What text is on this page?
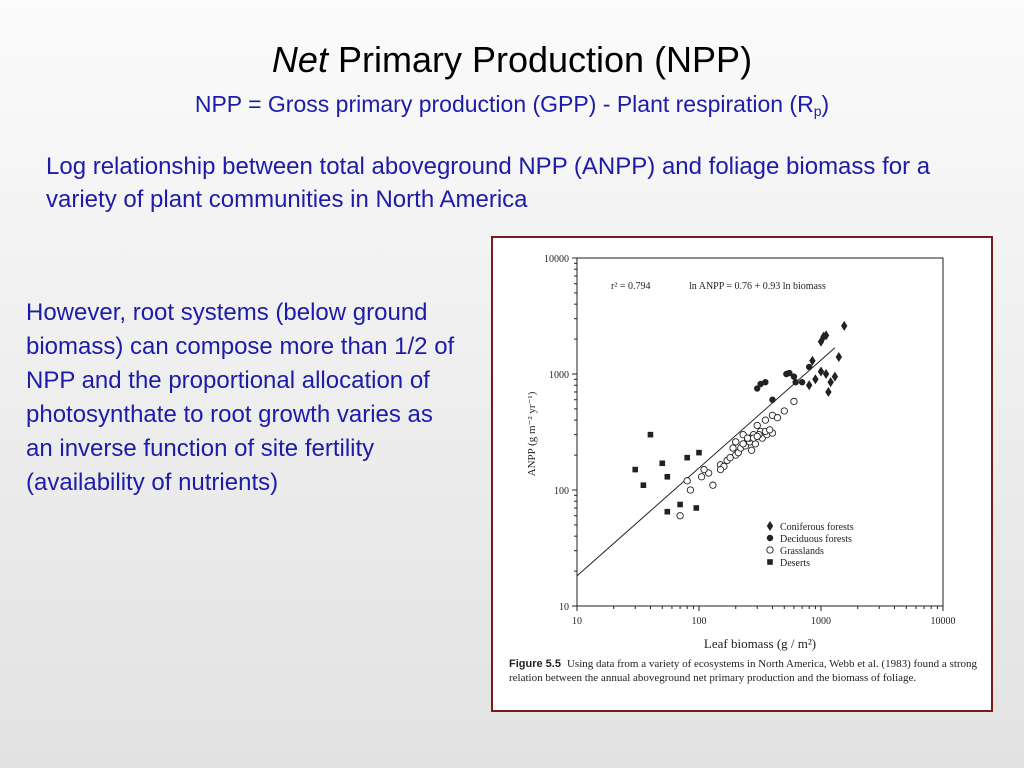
Net Primary Production (NPP)
NPP = Gross primary production (GPP) - Plant respiration $(R_p)$

Log relationship between total aboveground NPP (ANPP) and foliage biomass for a variety of plant communities in North America

However, root systems (below ground biomass) can compose more than 1/2 of NPP and the proportional allocation of photosynthate to root growth varies as an inverse function of site fertility (availability of nutrients)

10	100	1000	10000
10
100
1000
10000
r² = 0.794	ln ANPP = 0.76 + 0.93 ln biomass
Leaf biomass (g / m²)
ANPP (g m⁻² yr⁻¹)
Coniferous forests
Deciduous forests
Grasslands
Deserts
Figure 5.5 Using data from a variety of ecosystems in North America, Webb et al. (1983) found a strong relation between the annual aboveground net primary production and the biomass of foliage.
